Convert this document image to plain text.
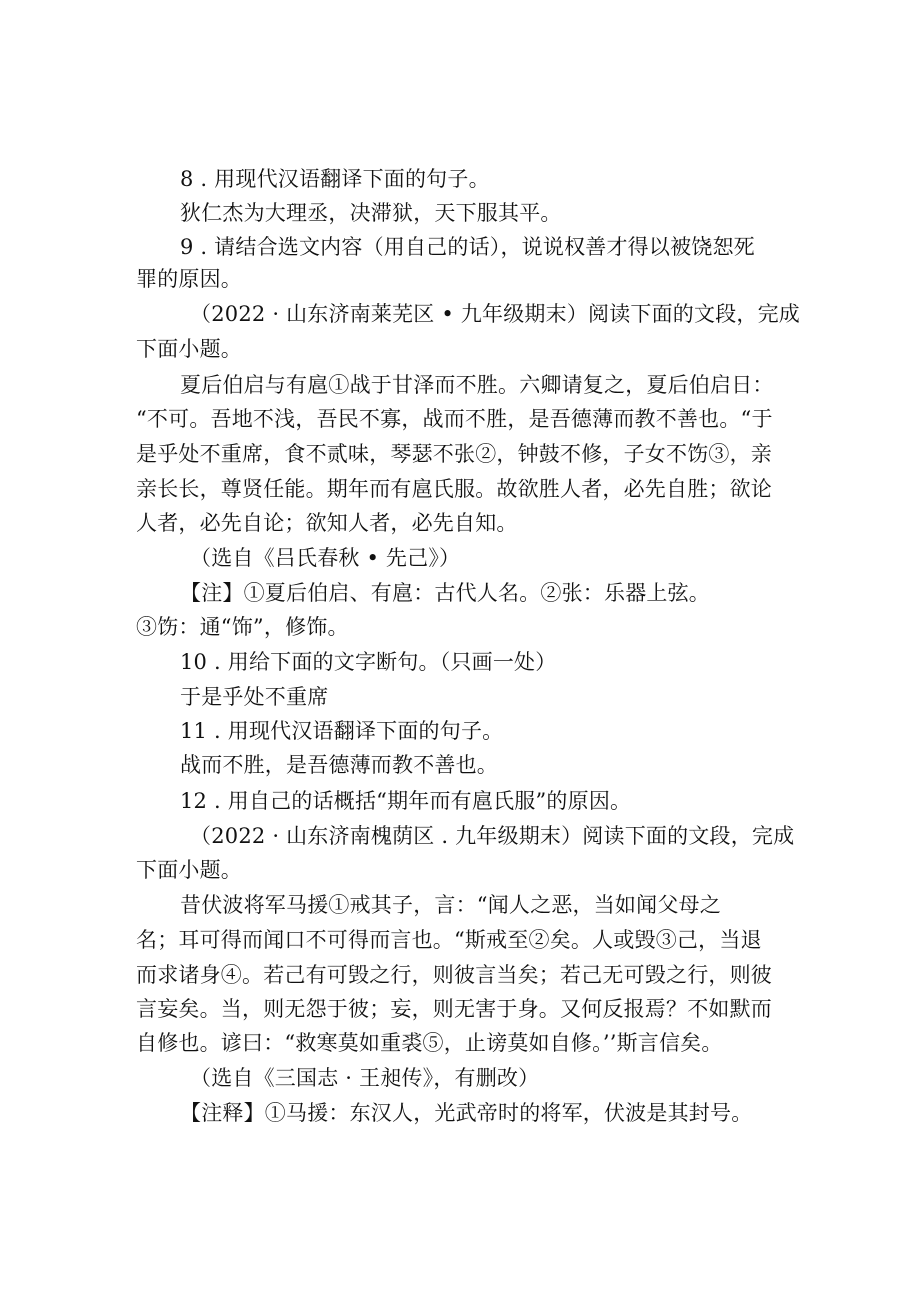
8 . 用现代汉语翻译下面的句子。
狄仁杰为大理丞，决滞狱，天下服其平。
9 . 请结合选文内容（用自己的话），说说权善才得以被饶恕死
罪的原因。
（2022 · 山东济南莱芜区 • 九年级期末）阅读下面的文段，完成
下面小题。
夏后伯启与有扈①战于甘泽而不胜。六卿请复之，夏后伯启日：
“不可。吾地不浅，吾民不寡，战而不胜，是吾德薄而教不善也。“于
是乎处不重席，食不贰味，琴瑟不张②，钟鼓不修，子女不饬③，亲
亲长长，尊贤任能。期年而有扈氏服。故欲胜人者，必先自胜；欲论
人者，必先自论；欲知人者，必先自知。
（选自《吕氏春秋 • 先己》）
【注】①夏后伯启、有扈：古代人名。②张：乐器上弦。
③饬：通“饰”，修饰。
10 . 用给下面的文字断句。（只画一处）
于是乎处不重席
11 . 用现代汉语翻译下面的句子。
战而不胜，是吾德薄而教不善也。
12 . 用自己的话概括“期年而有扈氏服”的原因。
（2022 · 山东济南槐荫区 . 九年级期末）阅读下面的文段，完成
下面小题。
昔伏波将军马援①戒其子，言：“闻人之恶，当如闻父母之
名；耳可得而闻口不可得而言也。“斯戒至②矣。人或毁③己，当退
而求诸身④。若己有可毁之行，则彼言当矣；若己无可毁之行，则彼
言妄矣。当，则无怨于彼；妄，则无害于身。又何反报焉？不如默而
自修也。谚曰：“救寒莫如重裘⑤，止谤莫如自修。’’斯言信矣。
（选自《三国志 · 王昶传》，有删改）
【注释】①马援：东汉人，光武帝时的将军，伏波是其封号。
